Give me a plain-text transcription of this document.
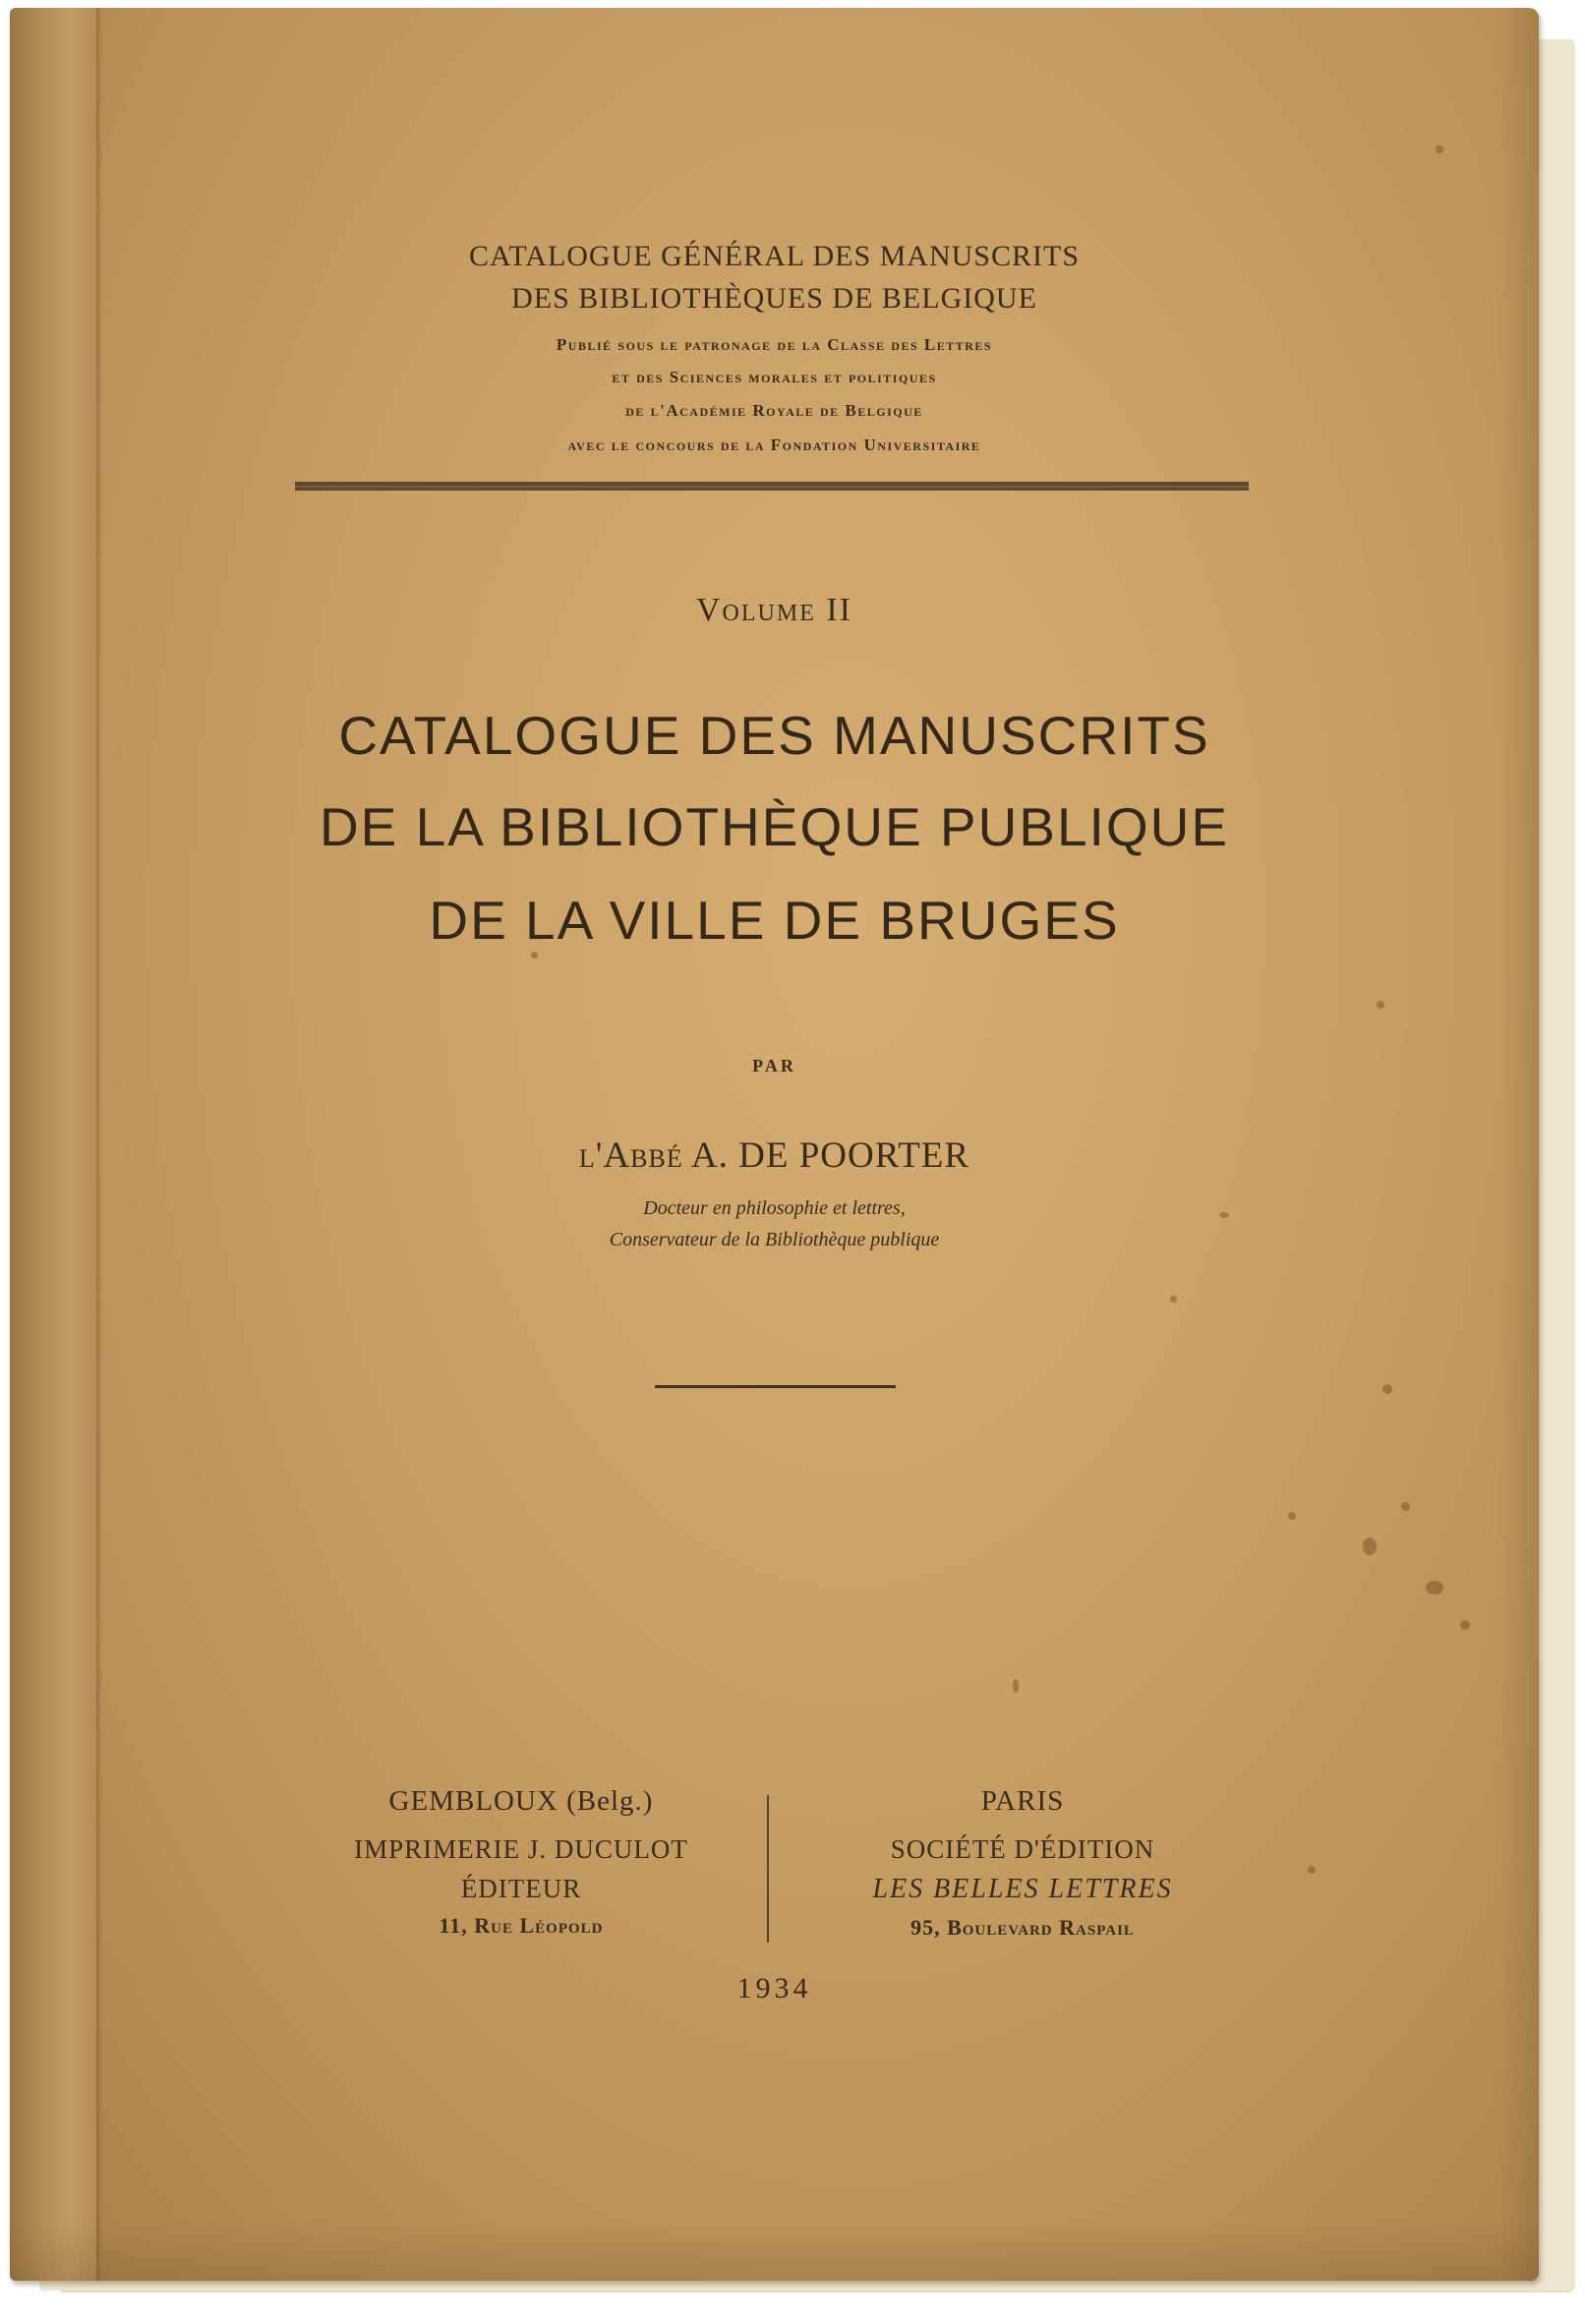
CATALOGUE GÉNÉRAL DES MANUSCRITS
DES BIBLIOTHÈQUES DE BELGIQUE
Publié sous le patronage de la Classe des Lettres
et des Sciences morales et politiques
de l'Académie Royale de Belgique
avec le concours de la Fondation Universitaire
Volume II
CATALOGUE DES MANUSCRITS
DE LA BIBLIOTHÈQUE PUBLIQUE
DE LA VILLE DE BRUGES
PAR
l'Abbé A. DE POORTER
Docteur en philosophie et lettres,
Conservateur de la Bibliothèque publique
GEMBLOUX (Belg.)
IMPRIMERIE J. DUCULOT
ÉDITEUR
11, Rue Léopold
PARIS
SOCIÉTÉ D'ÉDITION
LES BELLES LETTRES
95, Boulevard Raspail
1934
